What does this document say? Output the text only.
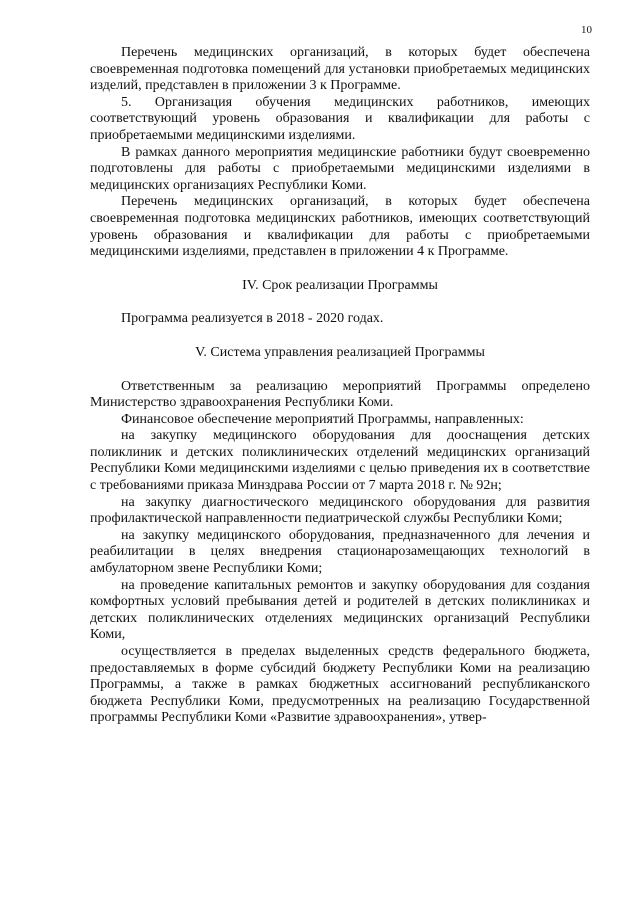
10

Перечень медицинских организаций, в которых будет обеспечена своевременная подготовка помещений для установки приобретаемых медицинских изделий, представлен в приложении 3 к Программе.

5. Организация обучения медицинских работников, имеющих соответствующий уровень образования и квалификации для работы с приобретаемыми медицинскими изделиями.

В рамках данного мероприятия медицинские работники будут своевременно подготовлены для работы с приобретаемыми медицинскими изделиями в медицинских организациях Республики Коми.

Перечень медицинских организаций, в которых будет обеспечена своевременная подготовка медицинских работников, имеющих соответствующий уровень образования и квалификации для работы с приобретаемыми медицинскими изделиями, представлен в приложении 4 к Программе.

IV. Срок реализации Программы

Программа реализуется в 2018 - 2020 годах.

V. Система управления реализацией Программы

Ответственным за реализацию мероприятий Программы определено Министерство здравоохранения Республики Коми.

Финансовое обеспечение мероприятий Программы, направленных:

на закупку медицинского оборудования для дооснащения детских поликлиник и детских поликлинических отделений медицинских организаций Республики Коми медицинскими изделиями с целью приведения их в соответствие с требованиями приказа Минздрава России от 7 марта 2018 г. № 92н;

на закупку диагностического медицинского оборудования для развития профилактической направленности педиатрической службы Республики Коми;

на закупку медицинского оборудования, предназначенного для лечения и реабилитации в целях внедрения стационарозамещающих технологий в амбулаторном звене Республики Коми;

на проведение капитальных ремонтов и закупку оборудования для создания комфортных условий пребывания детей и родителей в детских поликлиниках и детских поликлинических отделениях медицинских организаций Республики Коми,

осуществляется в пределах выделенных средств федерального бюджета, предоставляемых в форме субсидий бюджету Республики Коми на реализацию Программы, а также в рамках бюджетных ассигнований республиканского бюджета Республики Коми, предусмотренных на реализацию Государственной программы Республики Коми «Развитие здравоохранения», утвер-
